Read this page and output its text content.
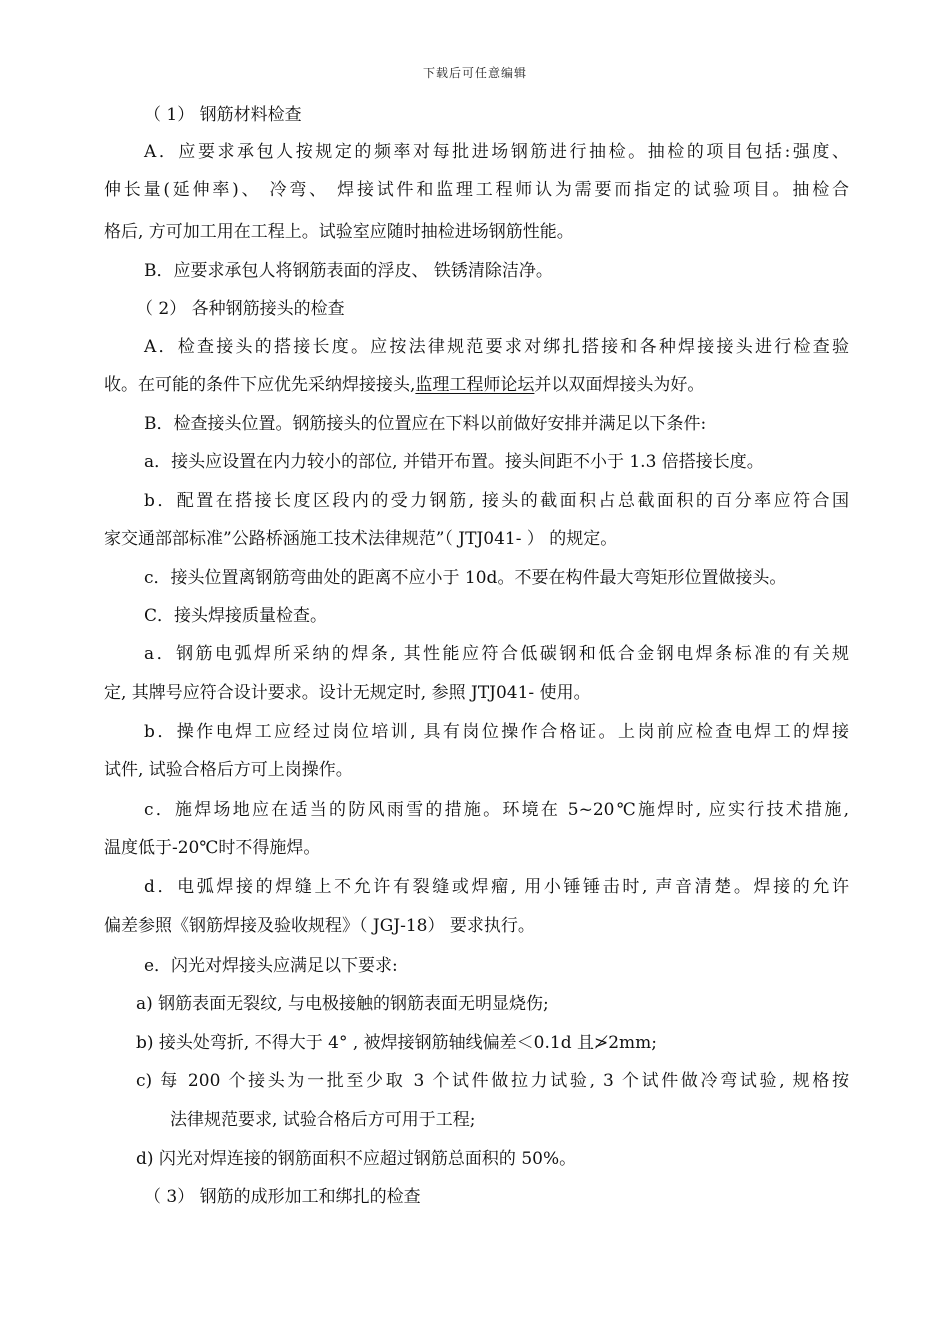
下载后可任意编辑
（ 1） 钢筋材料检查
A．应要求承包人按规定的频率对每批进场钢筋进行抽检。抽检的项目包括:强度、
伸长量(延伸率)、 冷弯、 焊接试件和监理工程师认为需要而指定的试验项目。抽检合
格后, 方可加工用在工程上。试验室应随时抽检进场钢筋性能。
B．应要求承包人将钢筋表面的浮皮、 铁锈清除洁净。
（ 2） 各种钢筋接头的检查
A．检查接头的搭接长度。应按法律规范要求对绑扎搭接和各种焊接接头进行检查验
收。在可能的条件下应优先采纳焊接接头,监理工程师论坛并以双面焊接头为好。
B．检查接头位置。钢筋接头的位置应在下料以前做好安排并满足以下条件:
a．接头应设置在内力较小的部位, 并错开布置。接头间距不小于 1.3 倍搭接长度。
b．配置在搭接长度区段内的受力钢筋, 接头的截面积占总截面积的百分率应符合国
家交通部部标准”公路桥涵施工技术法律规范”（ JTJ041- ） 的规定。
c．接头位置离钢筋弯曲处的距离不应小于 10d。不要在构件最大弯矩形位置做接头。
C．接头焊接质量检查。
a．钢筋电弧焊所采纳的焊条, 其性能应符合低碳钢和低合金钢电焊条标准的有关规
定, 其牌号应符合设计要求。设计无规定时, 参照 JTJ041- 使用。
b．操作电焊工应经过岗位培训, 具有岗位操作合格证。上岗前应检查电焊工的焊接
试件, 试验合格后方可上岗操作。
c．施焊场地应在适当的防风雨雪的措施。环境在 5~20℃施焊时, 应实行技术措施,
温度低于-20℃时不得施焊。
d．电弧焊接的焊缝上不允许有裂缝或焊瘤, 用小锤锤击时, 声音清楚。焊接的允许
偏差参照《钢筋焊接及验收规程》（ JGJ-18） 要求执行。
e．闪光对焊接头应满足以下要求:
a) 钢筋表面无裂纹, 与电极接触的钢筋表面无明显烧伤;
b) 接头处弯折, 不得大于 4° , 被焊接钢筋轴线偏差＜0.1d 且≯2mm;
c) 每 200 个接头为一批至少取 3 个试件做拉力试验, 3 个试件做冷弯试验, 规格按
法律规范要求, 试验合格后方可用于工程;
d) 闪光对焊连接的钢筋面积不应超过钢筋总面积的 50%。
（ 3） 钢筋的成形加工和绑扎的检查
